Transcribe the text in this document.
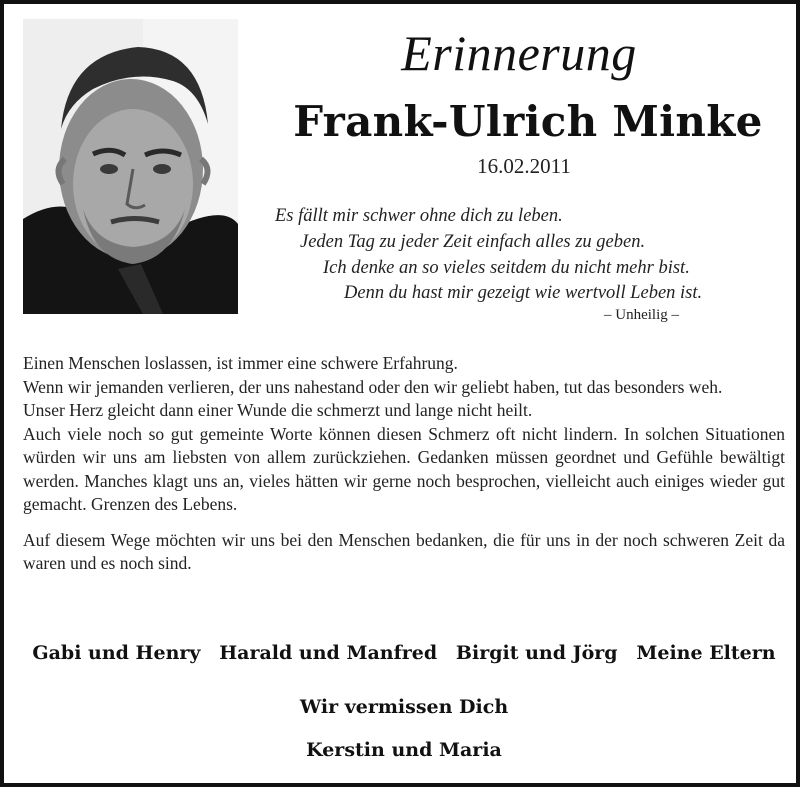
Erinnerung
Frank-Ulrich Minke
16.02.2011
Es fällt mir schwer ohne dich zu leben.
Jeden Tag zu jeder Zeit einfach alles zu geben.
Ich denke an so vieles seitdem du nicht mehr bist.
Denn du hast mir gezeigt wie wertvoll Leben ist.
– Unheilig –

Einen Menschen loslassen, ist immer eine schwere Erfahrung.

Wenn wir jemanden verlieren, der uns nahestand oder den wir geliebt haben, tut das besonders weh.

Unser Herz gleicht dann einer Wunde die schmerzt und lange nicht heilt.

Auch viele noch so gut gemeinte Worte können diesen Schmerz oft nicht lindern. In solchen Situationen würden wir uns am liebsten von allem zurückziehen. Gedanken müssen geordnet und Gefühle bewältigt werden. Manches klagt uns an, vieles hätten wir gerne noch besprochen, vielleicht auch einiges wieder gut gemacht. Grenzen des Lebens.

Auf diesem Wege möchten wir uns bei den Menschen bedanken, die für uns in der noch schweren Zeit da waren und es noch sind.

Gabi und Henry Harald und Manfred Birgit und Jörg Meine Eltern
Wir vermissen Dich
Kerstin und Maria
